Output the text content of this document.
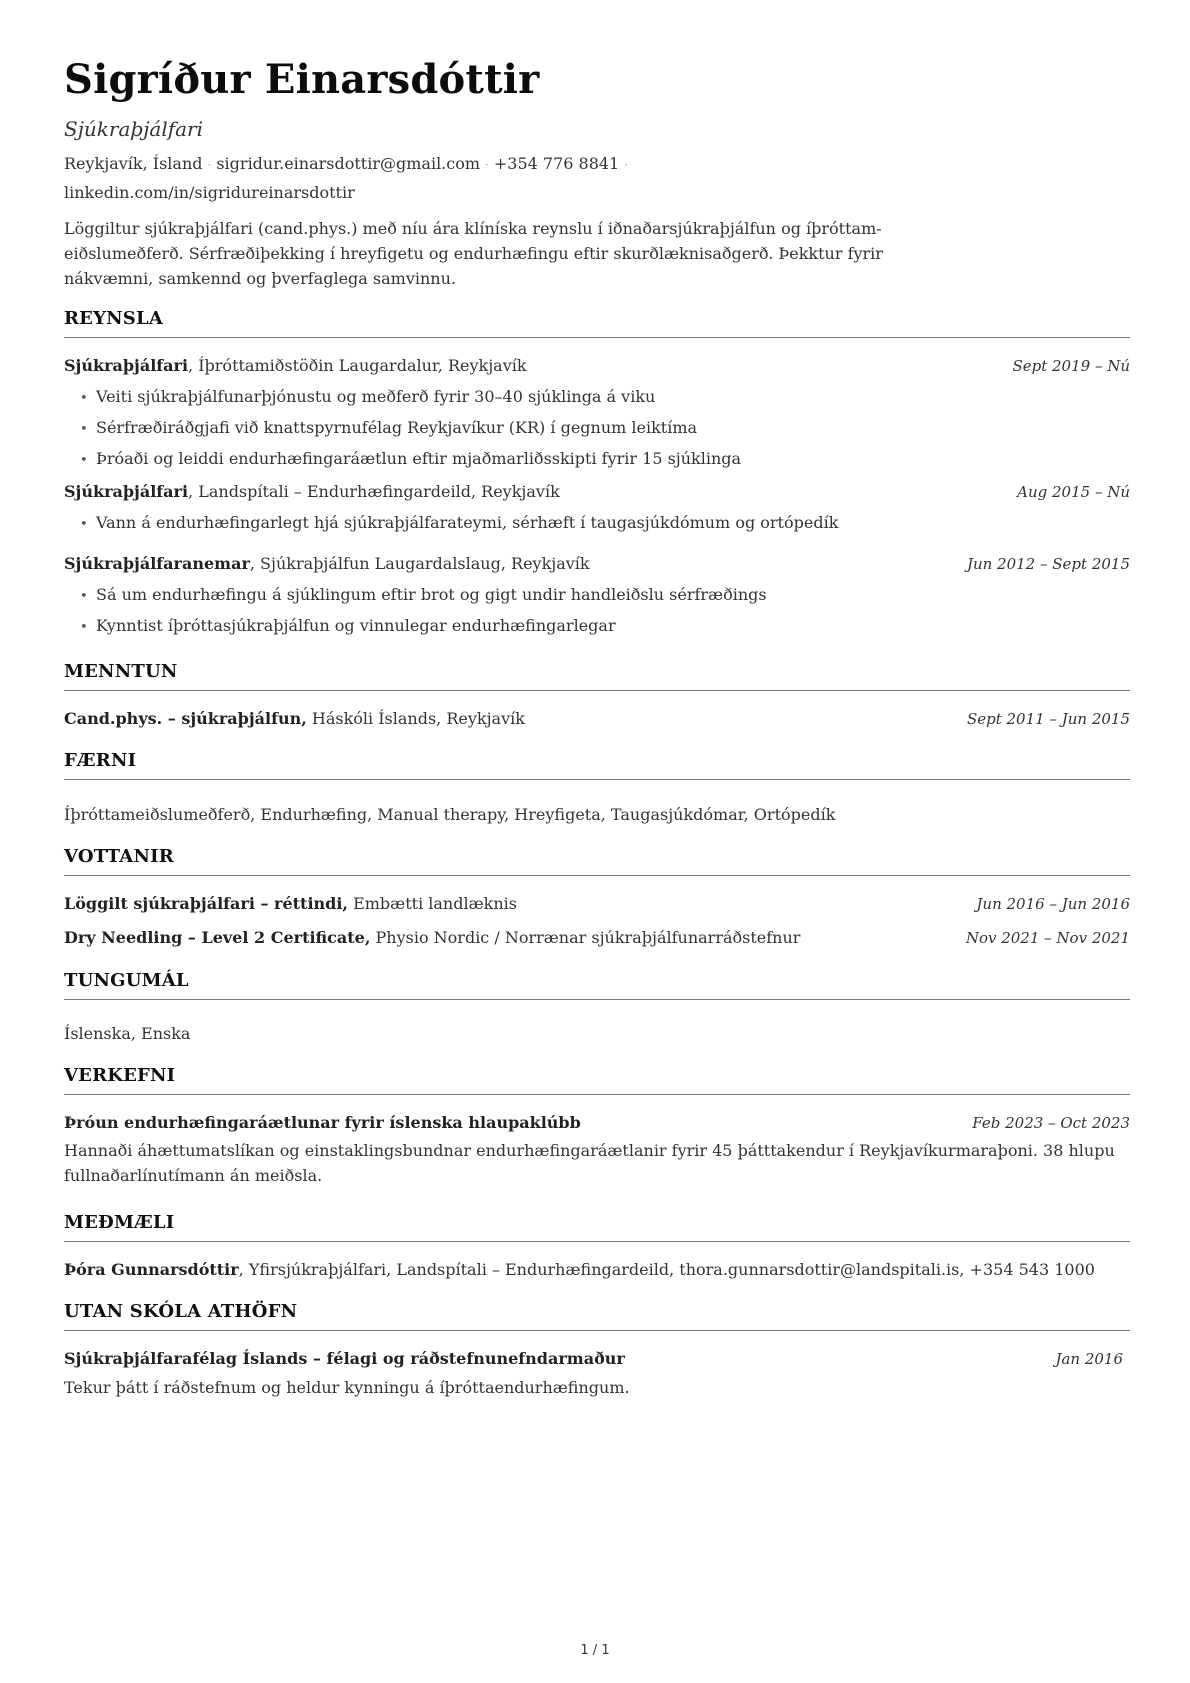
Sigríður Einarsdóttir
Sjúkraþjálfari
Reykjavík, Ísland · sigridur.einarsdottir@gmail.com · +354 776 8841 ·
linkedin.com/in/sigridureinarsdottir
Löggiltur sjúkraþjálfari (cand.phys.) með níu ára klíníska reynslu í iðnaðarsjúkraþjálfun og íþróttameiðslumeðferð. Sérfræðiþekking í hreyfigetu og endurhæfingu eftir skurðlæknisaðgerð. Þekktur fyrir nákvæmni, samkennd og þverfaglega samvinnu.
REYNSLA
Sjúkraþjálfari, Íþróttamiðstöðin Laugardalur, Reykjavík	Sept 2019 – Nú
• Veiti sjúkraþjálfunarþjónustu og meðferð fyrir 30–40 sjúklinga á viku
• Sérfræðiráðgjafi við knattspyrnufélag Reykjavíkur (KR) í gegnum leiktíma
• Þróaði og leiddi endurhæfingaráætlun eftir mjaðmarliðsskipti fyrir 15 sjúklinga
Sjúkraþjálfari, Landspítali – Endurhæfingardeild, Reykjavík	Aug 2015 – Nú
• Vann á endurhæfingarlegt hjá sjúkraþjálfarateymi, sérhæft í taugasjúkdómum og ortópedík
Sjúkraþjálfaranemar, Sjúkraþjálfun Laugardalslaug, Reykjavík	Jun 2012 – Sept 2015
• Sá um endurhæfingu á sjúklingum eftir brot og gigt undir handleiðslu sérfræðings
• Kynntist íþróttasjúkraþjálfun og vinnulegar endurhæfingarlegar
MENNTUN
Cand.phys. – sjúkraþjálfun, Háskóli Íslands, Reykjavík	Sept 2011 – Jun 2015
FÆRNI
Íþróttameiðslumeðferð, Endurhæfing, Manual therapy, Hreyfigeta, Taugasjúkdómar, Ortópedík
VOTTANIR
Löggilt sjúkraþjálfari – réttindi, Embætti landlæknis	Jun 2016 – Jun 2016
Dry Needling – Level 2 Certificate, Physio Nordic / Norrænar sjúkraþjálfunarráðstefnur	Nov 2021 – Nov 2021
TUNGUMÁL
Íslenska, Enska
VERKEFNI
Þróun endurhæfingaráætlunar fyrir íslenska hlaupaklúbb	Feb 2023 – Oct 2023
Hannaði áhættumatslíkan og einstaklingsbundnar endurhæfingaráætlanir fyrir 45 þátttakendur í Reykjavíkurmaraþoni. 38 hlupu fullnaðarlínutímann án meiðsla.
MEÐMÆLI
Þóra Gunnarsdóttir, Yfirsjúkraþjálfari, Landspítali – Endurhæfingardeild, thora.gunnarsdottir@landspitali.is, +354 543 1000
UTAN SKÓLA ATHÖFN
Sjúkraþjálfarafélag Íslands – félagi og ráðstefnunefndarmaður	Jan 2016
Tekur þátt í ráðstefnum og heldur kynningu á íþróttaendurhæfingum.
1 / 1
